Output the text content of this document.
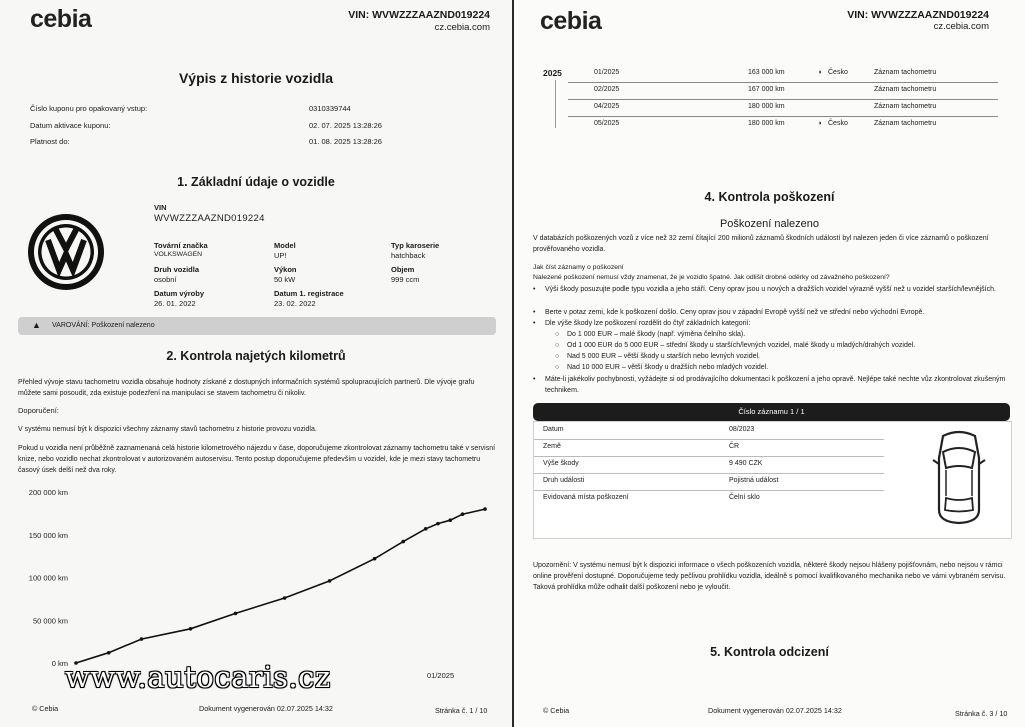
cebia	VIN: WVWZZZAAZND019224
cz.cebia.com
Výpis z historie vozidla
Číslo kuponu pro opakovaný vstup:	0310339744
Datum aktivace kuponu:	02. 07. 2025 13:28:26
Platnost do:	01. 08. 2025 13:28:26
1. Základní údaje o vozidle
VIN
WVWZZZAAZND019224
Tovární značka
VOLKSWAGEN
Model
UP!
Typ karoserie
hatchback
Druh vozidla
osobní
Výkon
50 kW
Objem
999 ccm
Datum výroby
26. 01. 2022
Datum 1. registrace
23. 02. 2022
▲ VAROVÁNÍ: Poškození nalezeno
2. Kontrola najetých kilometrů
Přehled vývoje stavu tachometru vozidla obsahuje hodnoty získané z dostupných informačních systémů spolupracujících partnerů. Dle vývoje grafu můžete sami posoudit, zda existuje podezření na manipulaci se stavem tachometru či nikoliv.
Doporučení:
V systému nemusí být k dispozici všechny záznamy stavů tachometru z historie provozu vozidla.
Pokud u vozidla není průběžně zaznamenaná celá historie kilometrového nájezdu v čase, doporučujeme zkontrolovat záznamy tachometru také v servisní knize, nebo vozidlo nechat zkontrolovat v autorizovaném autoservisu. Tento postup doporučujeme především u vozidel, kde je mezi stavy tachometru časový úsek delší než dva roky.
200 000 km
150 000 km
100 000 km
50 000 km
0 km
01/2025
www.autocaris.cz
© Cebia	Dokument vygenerován 02.07.2025 14:32	Stránka č. 1 / 10
cebia	VIN: WVWZZZAAZND019224
cz.cebia.com
2025	01/2025	163 000 km	◗ Česko	Záznam tachometru
02/2025	167 000 km	Záznam tachometru
04/2025	180 000 km	Záznam tachometru
05/2025	180 000 km	◗ Česko	Záznam tachometru
4. Kontrola poškození
Poškození nalezeno
V databázích poškozených vozů z více než 32 zemí čítající 200 milionů záznamů škodních událostí byl nalezen jeden či více záznamů o poškození prověřovaného vozidla.
Jak číst záznamy o poškození
Nalezené poškození nemusí vždy znamenat, že je vozidlo špatné. Jak odlišit drobné oděrky od závažného poškození?
• Výši škody posuzujte podle typu vozidla a jeho stáří. Ceny oprav jsou u nových a dražších vozidel výrazně vyšší než u vozidel starších/levnějších.
• Berte v potaz zemi, kde k poškození došlo. Ceny oprav jsou v západní Evropě vyšší než ve střední nebo východní Evropě.
• Dle výše škody lze poškození rozdělit do čtyř základních kategorií:
○ Do 1 000 EUR – malé škody (např. výměna čelního skla).
○ Od 1 000 EUR do 5 000 EUR – střední škody u starších/levných vozidel, malé škody u mladých/drahých vozidel.
○ Nad 5 000 EUR – větší škody u starších nebo levných vozidel.
○ Nad 10 000 EUR – větší škody u dražších nebo mladých vozidel.
• Máte-li jakékoliv pochybnosti, vyžádejte si od prodávajícího dokumentaci k poškození a jeho opravě. Nejlépe také nechte vůz zkontrolovat zkušeným technikem.
Číslo záznamu 1 / 1
Datum	08/2023
Země	ČR
Výše škody	9 490 CZK
Druh události	Pojistná událost
Evidovaná místa poškození	Čelní sklo
Upozornění: V systému nemusí být k dispozici informace o všech poškozeních vozidla, některé škody nejsou hlášeny pojišťovnám, nebo nejsou v rámci online prověření dostupné. Doporučujeme tedy pečlivou prohlídku vozidla, ideálně s pomocí kvalifikovaného mechanika nebo ve vámi vybraném servisu. Taková prohlídka může odhalit další poškození nebo je vyloučit.
5. Kontrola odcizení
© Cebia	Dokument vygenerován 02.07.2025 14:32	Stránka č. 3 / 10
